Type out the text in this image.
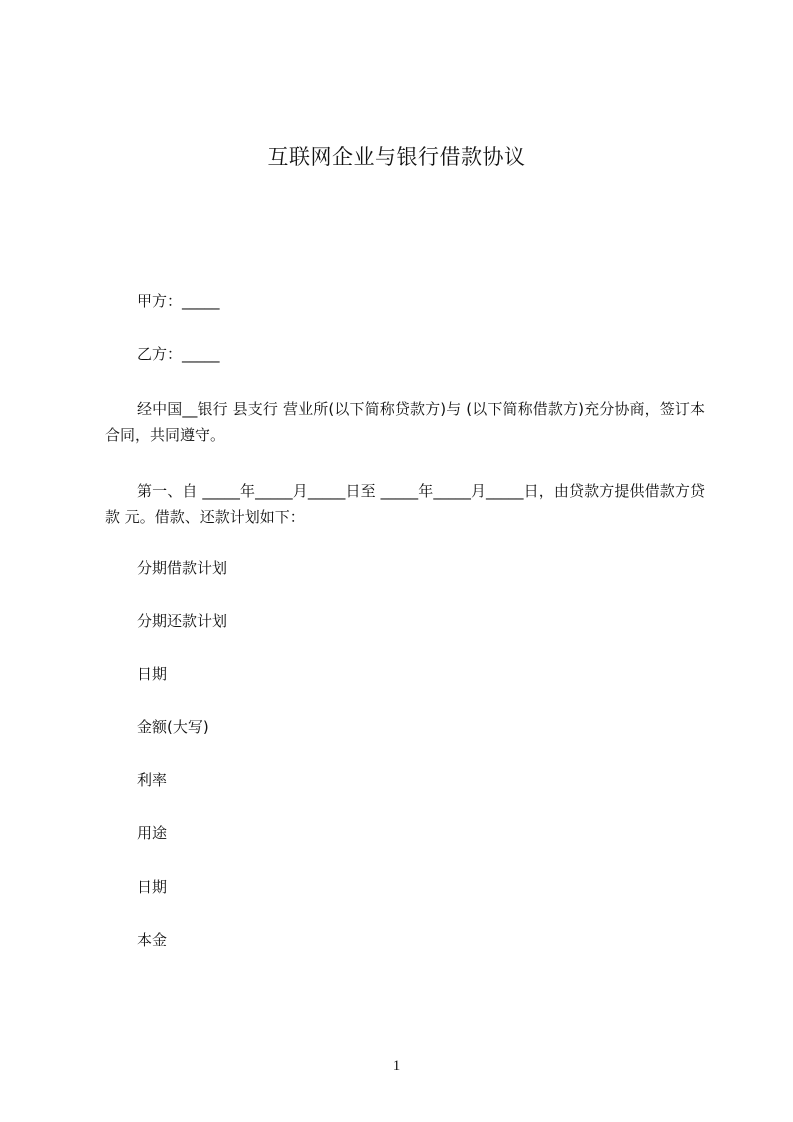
互联网企业与银行借款协议
甲方：_____
乙方：_____
经中国__银行 县支行 营业所(以下简称贷款方)与 (以下简称借款方)充分协商，签订本合同，共同遵守。
第一、自 _____年_____月_____日至 _____年_____月_____日，由贷款方提供借款方贷款 元。借款、还款计划如下：
分期借款计划
分期还款计划
日期
金额(大写)
利率
用途
日期
本金
1
